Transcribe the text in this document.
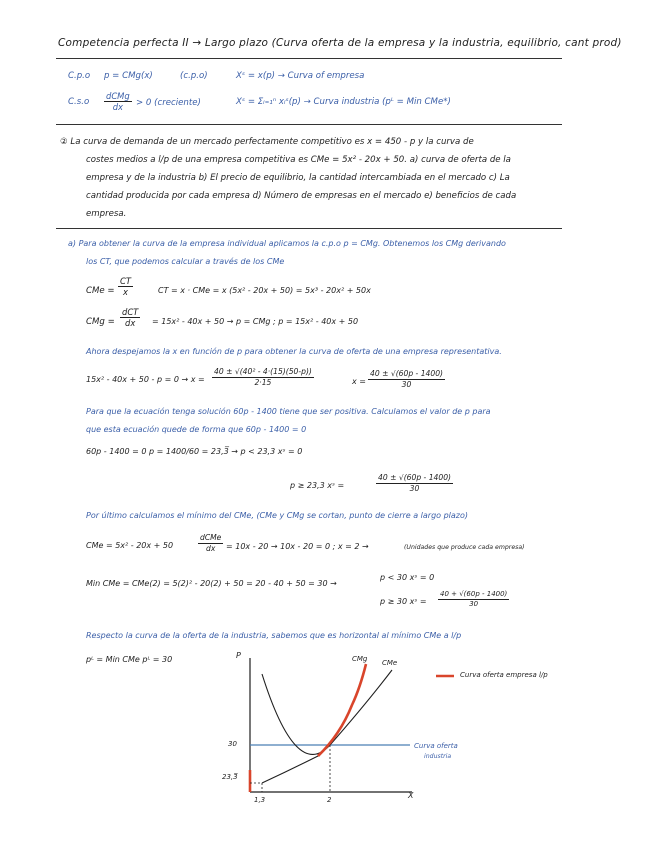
Competencia perfecta II → Largo plazo (Curva oferta de la empresa y la industria, equilibrio, cant prod)
C.p.o p = CMg(x)	(c.p.o)	Xˢ = x(p) → Curva of empresa
C.s.o
dCMg
dx	> 0 (creciente)	Xˢ = Σᵢ₌₁ⁿ xᵢˢ(p) → Curva industria (pᴸ = Min CMe*)
② La curva de demanda de un mercado perfectamente competitivo es x = 450 - p y la curva de
costes medios a l/p de una empresa competitiva es CMe = 5x² - 20x + 50. a) curva de oferta de la
empresa y de la industria b) El precio de equilibrio, la cantidad intercambiada en el mercado c) La
cantidad producida por cada empresa d) Número de empresas en el mercado e) beneficios de cada
empresa.
a) Para obtener la curva de la empresa individual aplicamos la c.p.o p = CMg. Obtenemos los CMg derivando
los CT, que podemos calcular a través de los CMe
CMe = $\frac{CT}{x}$	CT = x · CMe = x (5x² - 20x + 50) = 5x³ - 20x² + 50x
CMg =
dCT
dx	= 15x² - 40x + 50 → p = CMg ; p = 15x² - 40x + 50
Ahora despejamos la x en función de p para obtener la curva de oferta de una empresa representativa.
$15x^2 - 40x + 50 - p = 0 \to x = \frac{\text{40 ± √(40² - 4·(15)(50-p))}}{2\cdot 15}$	$x = \frac{40 \pm √(60p - 1400)}{30}$
Para que la ecuación tenga solución 60p - 1400 tiene que ser positiva. Calculamos el valor de p para
que esta ecuación quede de forma que 60p - 1400 = 0
60p - 1400 = 0 p = 1400/60 = 23,3̅ → p < 23,3 xˢ = 0
p ≥ 23,3 xˢ =	$\frac{40 \pm √(60p - 1400)}{30}$
Por último calculamos el mínimo del CMe, (CMe y CMg se cortan, punto de cierre a largo plazo)
CMe = 5x² - 20x + 50
dCMe
dx	= 10x - 20 → 10x - 20 = 0 ; x = 2 →	(Unidades que produce cada empresa)
Min CMe = CMe(2) = 5(2)² - 20(2) + 50 = 20 - 40 + 50 = 30 →
p < 30 xˢ = 0
p ≥ 30 xˢ = $\frac{40 + √(60p - 1400)}{30}$
Respecto la curva de la oferta de la industria, sabemos que es horizontal al mínimo CMe a l/p
pᴸ = Min CMe pᴸ = 30	P
X
CMg CMe
Curva oferta empresa l/p
Curva oferta
industria
30
23,3̅
1,3	2
